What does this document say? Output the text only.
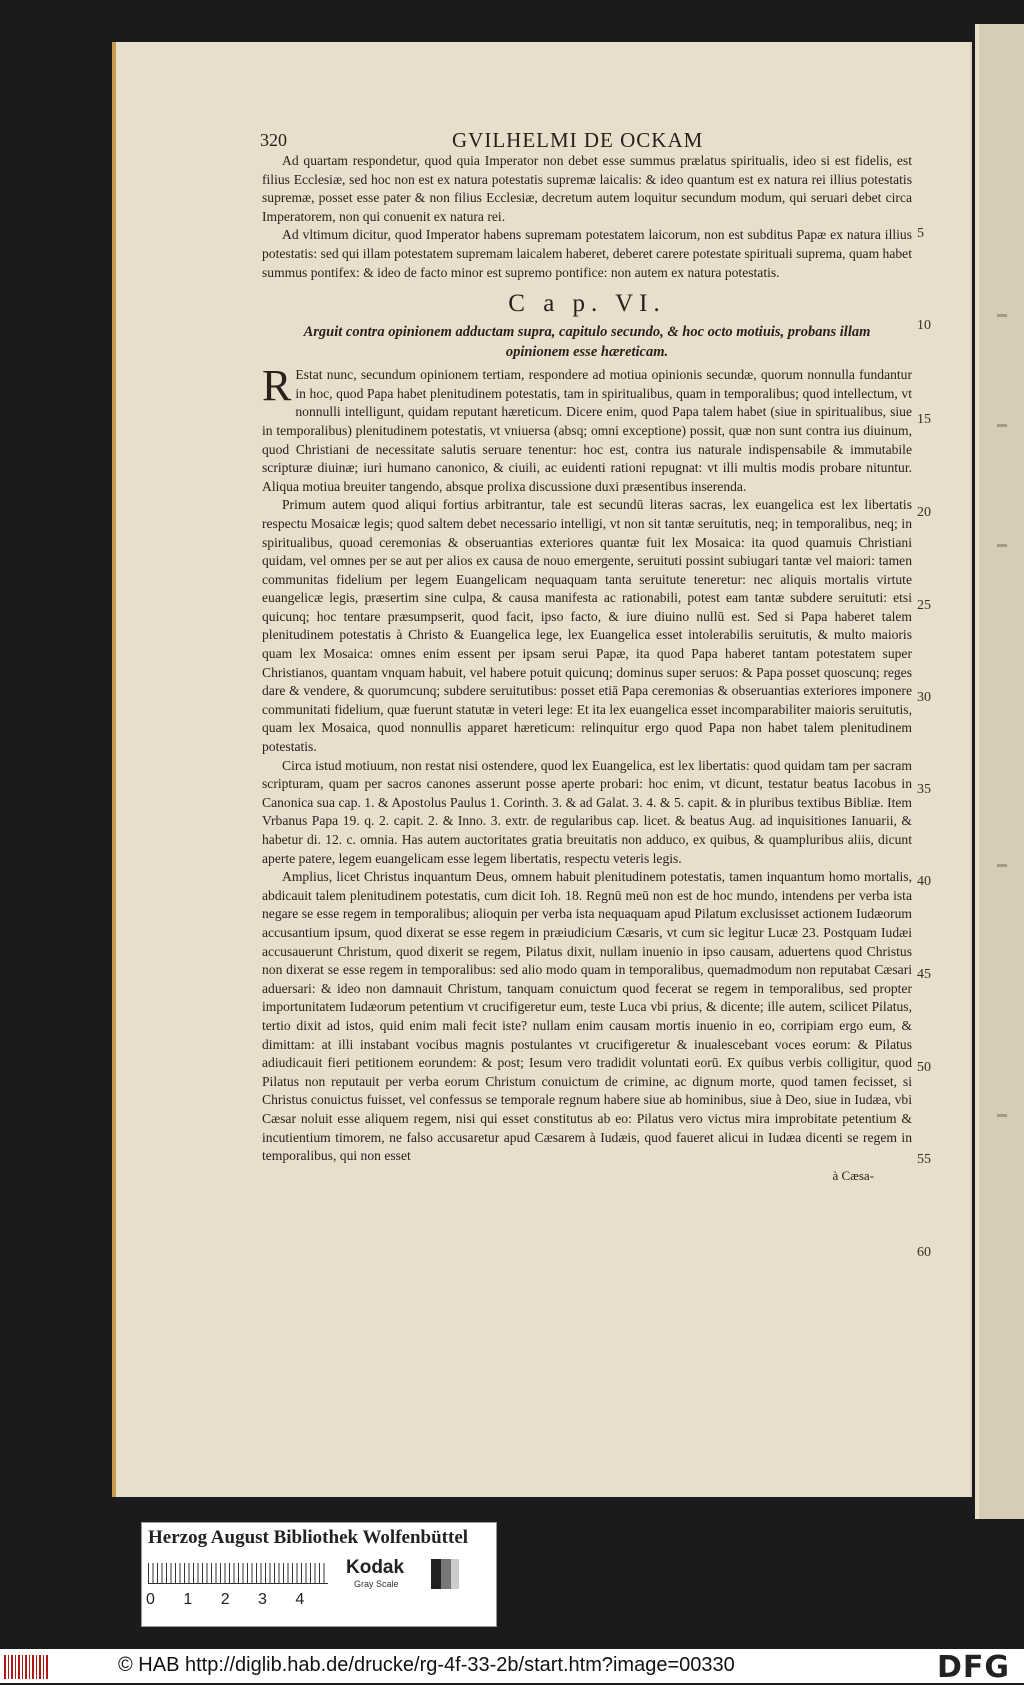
320	GVILHELMI DE OCKAM

Ad quartam respondetur, quod quia Imperator non debet esse summus prælatus spiritualis, ideo si est fidelis, est filius Ecclesiæ, sed hoc non est ex natura potestatis supremæ laicalis: & ideo quantum est ex natura rei illius potestatis supremæ, posset esse pater & non filius Ecclesiæ, decretum autem loquitur secundum modum, qui seruari debet circa Imperatorem, non qui conuenit ex natura rei.

Ad vltimum dicitur, quod Imperator habens supremam potestatem laicorum, non est subditus Papæ ex natura illius potestatis: sed qui illam potestatem supremam laicalem haberet, deberet carere potestate spirituali suprema, quam habet summus pontifex: & ideo de facto minor est supremo pontifice: non autem ex natura potestatis.

C a p. VI.
Arguit contra opinionem adductam supra, capitulo secundo, & hoc octo motiuis, probans illam opinionem esse hæreticam.

R Estat nunc, secundum opinionem tertiam, respondere ad motiua opinionis secundæ, quorum nonnulla fundantur in hoc, quod Papa habet plenitudinem potestatis, tam in spiritualibus, quam in temporalibus; quod intellectum, vt nonnulli intelligunt, quidam reputant hæreticum. Dicere enim, quod Papa talem habet (siue in spiritualibus, siue in temporalibus) plenitudinem potestatis, vt vniuersa (absq; omni exceptione) possit, quæ non sunt contra ius diuinum, quod Christiani de necessitate salutis seruare tenentur: hoc est, contra ius naturale indispensabile & immutabile scripturæ diuinæ; iuri humano canonico, & ciuili, ac euidenti rationi repugnat: vt illi multis modis probare nituntur. Aliqua motiua breuiter tangendo, absque prolixa discussione duxi præsentibus inserenda.

Primum autem quod aliqui fortius arbitrantur, tale est secundū literas sacras, lex euangelica est lex libertatis respectu Mosaicæ legis; quod saltem debet necessario intelligi, vt non sit tantæ seruitutis, neq; in temporalibus, neq; in spiritualibus, quoad ceremonias & obseruantias exteriores quantæ fuit lex Mosaica: ita quod quamuis Christiani quidam, vel omnes per se aut per alios ex causa de nouo emergente, seruituti possint subiugari tantæ vel maiori: tamen communitas fidelium per legem Euangelicam nequaquam tanta seruitute teneretur: nec aliquis mortalis virtute euangelicæ legis, præsertim sine culpa, & causa manifesta ac rationabili, potest eam tantæ subdere seruituti: etsi quicunq; hoc tentare præsumpserit, quod facit, ipso facto, & iure diuino nullū est. Sed si Papa haberet talem plenitudinem potestatis à Christo & Euangelica lege, lex Euangelica esset intolerabilis seruitutis, & multo maioris quam lex Mosaica: omnes enim essent per ipsam serui Papæ, ita quod Papa haberet tantam potestatem super Christianos, quantam vnquam habuit, vel habere potuit quicunq; dominus super seruos: & Papa posset quoscunq; reges dare & vendere, & quorumcunq; subdere seruitutibus: posset etiā Papa ceremonias & obseruantias exteriores imponere communitati fidelium, quæ fuerunt statutæ in veteri lege: Et ita lex euangelica esset incomparabiliter maioris seruitutis, quam lex Mosaica, quod nonnullis apparet hæreticum: relinquitur ergo quod Papa non habet talem plenitudinem potestatis.

Circa istud motiuum, non restat nisi ostendere, quod lex Euangelica, est lex libertatis: quod quidam tam per sacram scripturam, quam per sacros canones asserunt posse aperte probari: hoc enim, vt dicunt, testatur beatus Iacobus in Canonica sua cap. 1. & Apostolus Paulus 1. Corinth. 3. & ad Galat. 3. 4. & 5. capit. & in pluribus textibus Bibliæ. Item Vrbanus Papa 19. q. 2. capit. 2. & Inno. 3. extr. de regularibus cap. licet. & beatus Aug. ad inquisitiones Ianuarii, & habetur di. 12. c. omnia. Has autem auctoritates gratia breuitatis non adduco, ex quibus, & quampluribus aliis, dicunt aperte patere, legem euangelicam esse legem libertatis, respectu veteris legis.

Amplius, licet Christus inquantum Deus, omnem habuit plenitudinem potestatis, tamen inquantum homo mortalis, abdicauit talem plenitudinem potestatis, cum dicit Ioh. 18. Regnū meū non est de hoc mundo, intendens per verba ista negare se esse regem in temporalibus; alioquin per verba ista nequaquam apud Pilatum exclusisset actionem Iudæorum accusantium ipsum, quod dixerat se esse regem in præiudicium Cæsaris, vt cum sic legitur Lucæ 23. Postquam Iudæi accusauerunt Christum, quod dixerit se regem, Pilatus dixit, nullam inuenio in ipso causam, aduertens quod Christus non dixerat se esse regem in temporalibus: sed alio modo quam in temporalibus, quemadmodum non reputabat Cæsari aduersari: & ideo non damnauit Christum, tanquam conuictum quod fecerat se regem in temporalibus, sed propter importunitatem Iudæorum petentium vt crucifigeretur eum, teste Luca vbi prius, & dicente; ille autem, scilicet Pilatus, tertio dixit ad istos, quid enim mali fecit iste? nullam enim causam mortis inuenio in eo, corripiam ergo eum, & dimittam: at illi instabant vocibus magnis postulantes vt crucifigeretur & inualescebant voces eorum: & Pilatus adiudicauit fieri petitionem eorundem: & post; Iesum vero tradidit voluntati eorū. Ex quibus verbis colligitur, quod Pilatus non reputauit per verba eorum Christum conuictum de crimine, ac dignum morte, quod tamen fecisset, si Christus conuictus fuisset, vel confessus se temporale regnum habere siue ab hominibus, siue à Deo, siue in Iudæa, vbi Cæsar noluit esse aliquem regem, nisi qui esset constitutus ab eo: Pilatus vero victus mira improbitate petentium & incutientium timorem, ne falso accusaretur apud Cæsarem à Iudæis, quod faueret alicui in Iudæa dicenti se regem in temporalibus, qui non esset

à Cæsa-
5
10
15
20
25
30
35
40
45
50
55
60
Herzog August Bibliothek Wolfenbüttel
0 1 2 3 4
Kodak
Gray Scale
© HAB http://diglib.hab.de/drucke/rg-4f-33-2b/start.htm?image=00330	DFG
